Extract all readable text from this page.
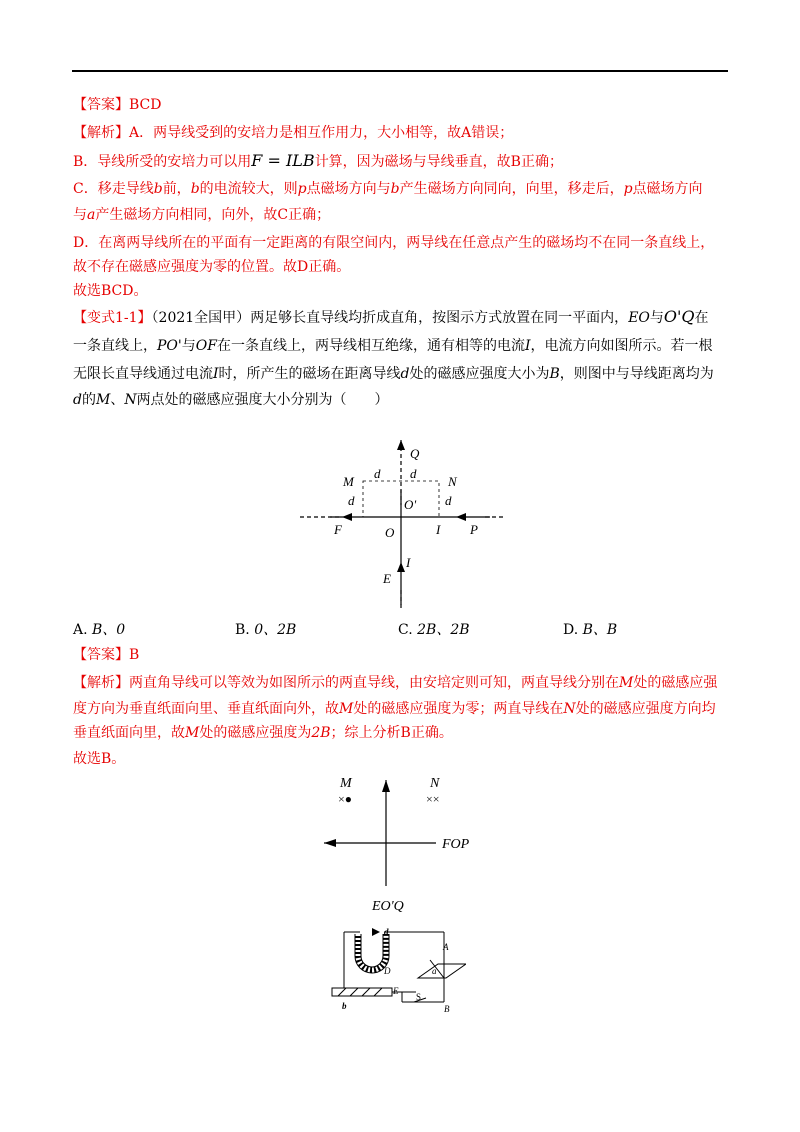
【答案】BCD
【解析】A．两导线受到的安培力是相互作用力，大小相等，故A错误；
B．导线所受的安培力可以用F = ILB计算，因为磁场与导线垂直，故B正确；
C．移走导线b前，b的电流较大，则p点磁场方向与b产生磁场方向同向，向里，移走后，p点磁场方向
与a产生磁场方向相同，向外，故C正确；
D．在离两导线所在的平面有一定距离的有限空间内，两导线在任意点产生的磁场均不在同一条直线上，
故不存在磁感应强度为零的位置。故D正确。
故选BCD。
【变式1-1】（2021全国甲）两足够长直导线均折成直角，按图示方式放置在同一平面内，EO与O'Q在
一条直线上，PO'与OF在一条直线上，两导线相互绝缘，通有相等的电流I，电流方向如图所示。若一根
无限长直导线通过电流I时，所产生的磁场在距离导线d处的磁感应强度大小为B，则图中与导线距离均为
d的M、N两点处的磁感应强度大小分别为（　　）
Q
M
d d
N
d	O' d
F	O	I P
I
E
A. B、0	B. 0、2B	C. 2B、2B	D. B、B
【答案】B
【解析】两直角导线可以等效为如图所示的两直导线，由安培定则可知，两直导线分别在M处的磁感应强
度方向为垂直纸面向里、垂直纸面向外，故M处的磁感应强度为零；两直导线在N处的磁感应强度方向均
垂直纸面向里，故M处的磁感应强度为2B；综上分析B正确。
故选B。
M
×●
N
××
FOP
EO'Q
d
A
D	a
E
S
b	B
